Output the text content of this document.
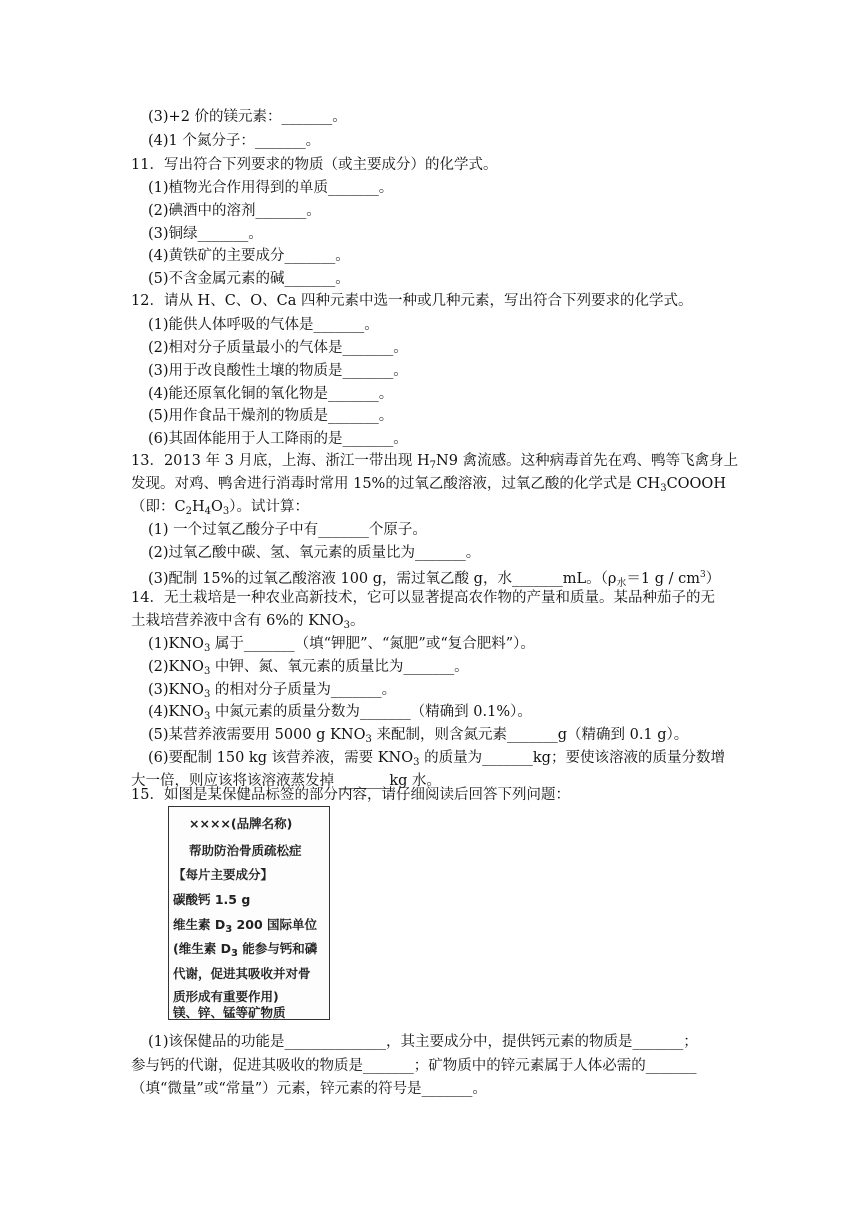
(3)+2 价的镁元素：_______。
(4)1 个氮分子：_______。
11．写出符合下列要求的物质（或主要成分）的化学式。
(1)植物光合作用得到的单质_______。
(2)碘酒中的溶剂_______。
(3)铜绿_______。
(4)黄铁矿的主要成分_______。
(5)不含金属元素的碱_______。
12．请从 H、C、O、Ca 四种元素中选一种或几种元素，写出符合下列要求的化学式。
(1)能供人体呼吸的气体是_______。
(2)相对分子质量最小的气体是_______。
(3)用于改良酸性土壤的物质是_______。
(4)能还原氧化铜的氧化物是_______。
(5)用作食品干燥剂的物质是_______。
(6)其固体能用于人工降雨的是_______。
13．2013 年 3 月底，上海、浙江一带出现 $H_7N9$ 禽流感。这种病毒首先在鸡、鸭等飞禽身上
发现。对鸡、鸭舍进行消毒时常用 15%的过氧乙酸溶液，过氧乙酸的化学式是 $CH_3COOOH$
（即：$C_2H_4O_3$）。试计算：
(1) 一个过氧乙酸分子中有_______个原子。
(2)过氧乙酸中碳、氢、氧元素的质量比为_______。
(3)配制 15%的过氧乙酸溶液 100 g，需过氧乙酸 g，水_______mL。（$\rho_水=1$ g / $cm^3$）
14．无土栽培是一种农业高新技术，它可以显著提高农作物的产量和质量。某品种茄子的无
土栽培营养液中含有 6%的 $KNO_3$。
$(1)KNO_3$ 属于_______（填“钾肥”、“氮肥”或“复合肥料”）。
$(2)KNO_3$ 中钾、氮、氧元素的质量比为_______。
$(3)KNO_3$ 的相对分子质量为_______。
$(4)KNO_3$ 中氮元素的质量分数为_______（精确到 0.1%）。
(5)某营养液需要用 5000 g $KNO_3$ 来配制，则含氮元素_______g（精确到 0.1 g）。
(6)要配制 150 kg 该营养液，需要 $KNO_3$ 的质量为_______kg；要使该溶液的质量分数增
大一倍，则应该将该溶液蒸发掉 _______kg 水。
15．如图是某保健品标签的部分内容，请仔细阅读后回答下列问题：
××××(品牌名称)
帮助防治骨质疏松症
【每片主要成分】
碳酸钙 1.5 g
维生素 $D_3$ 200 国际单位
(维生素 $D_3$ 能参与钙和磷
代谢，促进其吸收并对骨
质形成有重要作用)
镁、锌、锰等矿物质
(1)该保健品的功能是______________，其主要成分中，提供钙元素的物质是_______；
参与钙的代谢，促进其吸收的物质是_______；矿物质中的锌元素属于人体必需的_______
（填“微量”或“常量”）元素，锌元素的符号是_______。
